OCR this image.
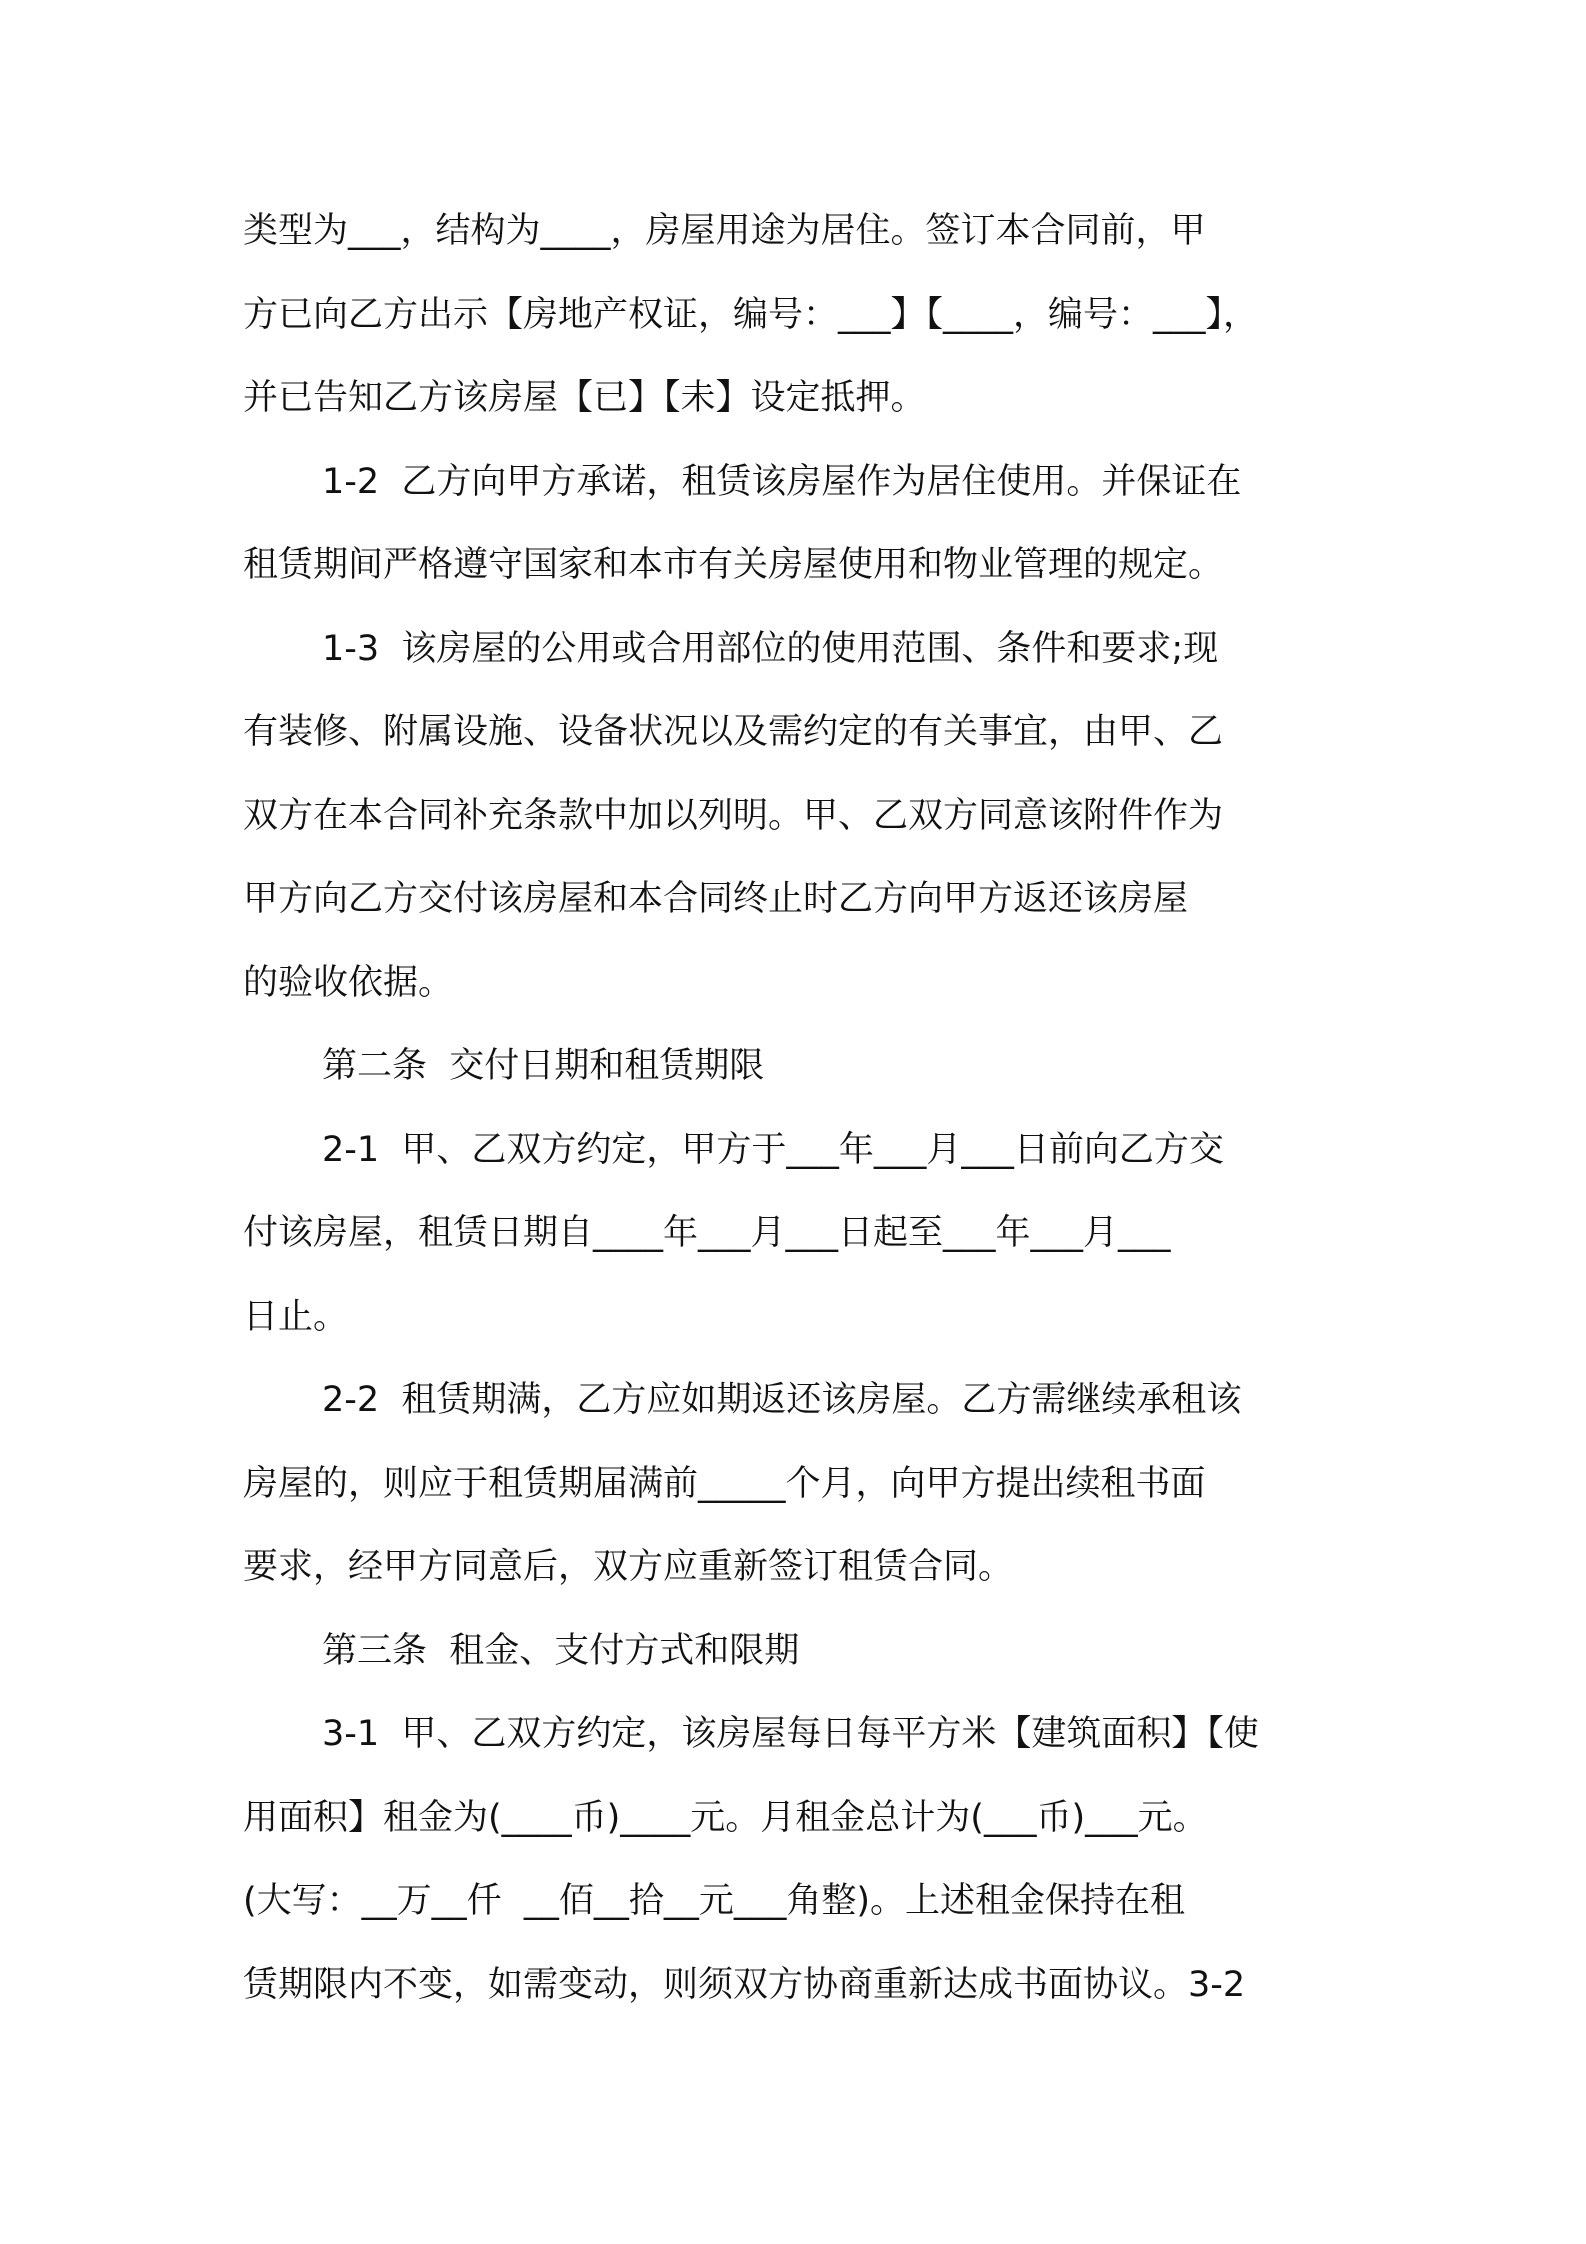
类型为___，结构为____，房屋用途为居住。签订本合同前，甲
方已向乙方出示【房地产权证，编号：___】【____，编号：___】，
并已告知乙方该房屋【已】【未】设定抵押。
1-2  乙方向甲方承诺，租赁该房屋作为居住使用。并保证在
租赁期间严格遵守国家和本市有关房屋使用和物业管理的规定。
1-3  该房屋的公用或合用部位的使用范围、条件和要求;现
有装修、附属设施、设备状况以及需约定的有关事宜，由甲、乙
双方在本合同补充条款中加以列明。甲、乙双方同意该附件作为
甲方向乙方交付该房屋和本合同终止时乙方向甲方返还该房屋
的验收依据。
第二条  交付日期和租赁期限
2-1  甲、乙双方约定，甲方于___年___月___日前向乙方交
付该房屋，租赁日期自____年___月___日起至___年___月___
日止。
2-2  租赁期满，乙方应如期返还该房屋。乙方需继续承租该
房屋的，则应于租赁期届满前_____个月，向甲方提出续租书面
要求，经甲方同意后，双方应重新签订租赁合同。
第三条  租金、支付方式和限期
3-1  甲、乙双方约定，该房屋每日每平方米【建筑面积】【使
用面积】租金为(____币)____元。月租金总计为(___币)___元。
(大写：__万__仟  __佰__拾__元___角整)。上述租金保持在租
赁期限内不变，如需变动，则须双方协商重新达成书面协议。3-2
